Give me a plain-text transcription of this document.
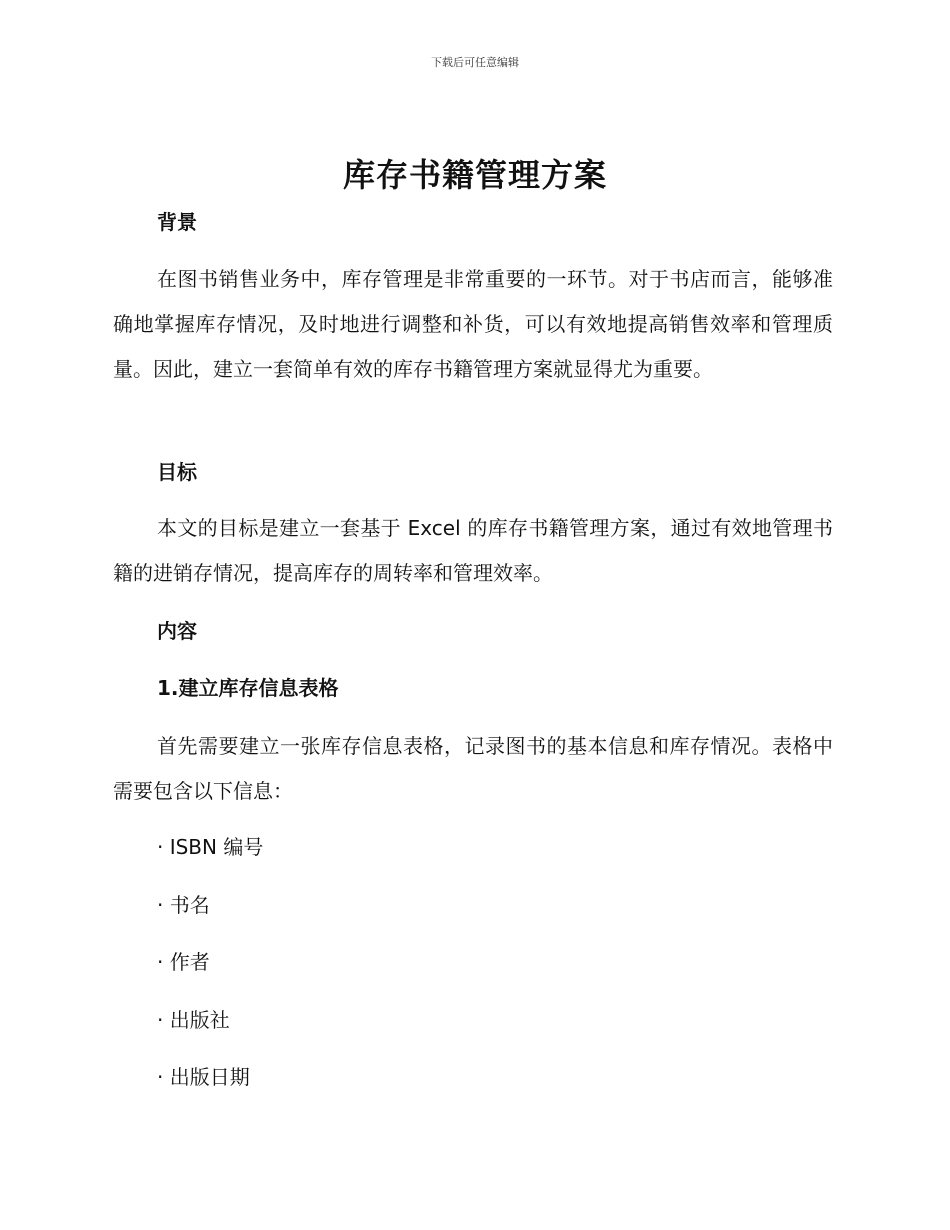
下载后可任意编辑
库存书籍管理方案
背景
在图书销售业务中，库存管理是非常重要的一环节。对于书店而言，能够准确地掌握库存情况，及时地进行调整和补货，可以有效地提高销售效率和管理质量。因此，建立一套简单有效的库存书籍管理方案就显得尤为重要。
目标
本文的目标是建立一套基于 Excel 的库存书籍管理方案，通过有效地管理书籍的进销存情况，提高库存的周转率和管理效率。
内容
1.建立库存信息表格
首先需要建立一张库存信息表格，记录图书的基本信息和库存情况。表格中需要包含以下信息：
· ISBN 编号
· 书名
· 作者
· 出版社
· 出版日期
